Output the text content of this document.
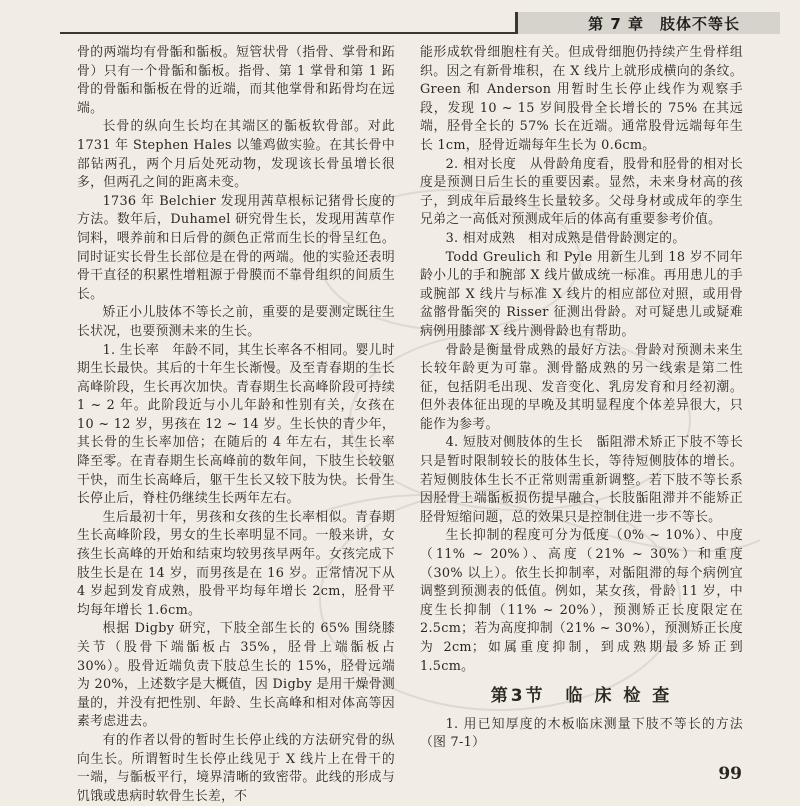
第 7 章　肢体不等长

骨的两端均有骨骺和骺板。短管状骨（指骨、掌骨和跖骨）只有一个骨骺和骺板。指骨、第 1 掌骨和第 1 跖骨的骨骺和骺板在骨的近端，而其他掌骨和跖骨均在远端。

长骨的纵向生长均在其端区的骺板软骨部。对此 1731 年 Stephen Hales 以雏鸡做实验。在其长骨中部钻两孔，两个月后处死动物，发现该长骨虽增长很多，但两孔之间的距离未变。

1736 年 Belchier 发现用茜草根标记猪骨长度的方法。数年后，Duhamel 研究骨生长，发现用茜草作饲料，喂养前和日后骨的颜色正常而生长的骨呈红色。同时证实长骨生长部位是在骨的两端。他的实验还表明骨干直径的积累性增粗源于骨膜而不靠骨组织的间质生长。

矫正小儿肢体不等长之前，重要的是要测定既往生长状况，也要预测未来的生长。

1. 生长率　年龄不同，其生长率各不相同。婴儿时期生长最快。其后的十年生长渐慢。及至青春期的生长高峰阶段，生长再次加快。青春期生长高峰阶段可持续 1 ~ 2 年。此阶段近与小儿年龄和性别有关，女孩在 10 ~ 12 岁，男孩在 12 ~ 14 岁。生长快的青少年，其长骨的生长率加倍；在随后的 4 年左右，其生长率降至零。在青春期生长高峰前的数年间，下肢生长较躯干快，而生长高峰后，躯干生长又较下肢为快。长骨生长停止后，脊柱仍继续生长两年左右。

生后最初十年，男孩和女孩的生长率相似。青春期生长高峰阶段，男女的生长率明显不同。一般来讲，女孩生长高峰的开始和结束均较男孩早两年。女孩完成下肢生长是在 14 岁，而男孩是在 16 岁。正常情况下从 4 岁起到发育成熟，股骨平均每年增长 2cm，胫骨平均每年增长 1.6cm。

根据 Digby 研究，下肢全部生长的 65% 围绕膝关节（股骨下端骺板占 35%，胫骨上端骺板占 30%）。股骨近端负责下肢总生长的 15%，胫骨远端为 20%，上述数字是大概值，因 Digby 是用干燥骨测量的，并没有把性别、年龄、生长高峰和相对体高等因素考虑进去。

有的作者以骨的暂时生长停止线的方法研究骨的纵向生长。所谓暂时生长停止线见于 X 线片上在骨干的一端，与骺板平行，境界清晰的致密带。此线的形成与饥饿或患病时软骨生长差，不

能形成软骨细胞柱有关。但成骨细胞仍持续产生骨样组织。因之有新骨堆积，在 X 线片上就形成横向的条纹。Green 和 Anderson 用暂时生长停止线作为观察手段，发现 10 ~ 15 岁间股骨全长增长的 75% 在其远端，胫骨全长的 57% 长在近端。通常股骨远端每年生长 1cm，胫骨近端每年生长为 0.6cm。

2. 相对长度　从骨龄角度看，股骨和胫骨的相对长度是预测日后生长的重要因素。显然，未来身材高的孩子，到成年后最终生长量较多。父母身材或成年的孪生兄弟之一高低对预测成年后的体高有重要参考价值。

3. 相对成熟　相对成熟是借骨龄测定的。

Todd Greulich 和 Pyle 用新生儿到 18 岁不同年龄小儿的手和腕部 X 线片做成统一标准。再用患儿的手或腕部 X 线片与标准 X 线片的相应部位对照，或用骨盆髂骨骺突的 Risser 征测出骨龄。对可疑患儿或疑难病例用膝部 X 线片测骨龄也有帮助。

骨龄是衡量骨成熟的最好方法。骨龄对预测未来生长较年龄更为可靠。测骨骼成熟的另一线索是第二性征，包括阴毛出现、发音变化、乳房发育和月经初潮。但外表体征出现的早晚及其明显程度个体差异很大，只能作为参考。

4. 短肢对侧肢体的生长　骺阻滞术矫正下肢不等长只是暂时限制较长的肢体生长，等待短侧肢体的增长。若短侧肢体生长不正常则需重新调整。若下肢不等长系因胫骨上端骺板损伤提早融合，长肢骺阻滞并不能矫正胫骨短缩问题，总的效果只是控制住进一步不等长。

生长抑制的程度可分为低度（0% ~ 10%）、中度（11% ~ 20%）、高度（21% ~ 30%）和重度（30% 以上）。依生长抑制率，对骺阻滞的每个病例宜调整到预测表的低值。例如，某女孩，骨龄 11 岁，中度生长抑制（11% ~ 20%），预测矫正长度限定在 2.5cm；若为高度抑制（21% ~ 30%），预测矫正长度为 2cm；如属重度抑制，到成熟期最多矫正到 1.5cm。

第3节　临 床 检 查

1. 用已知厚度的木板临床测量下肢不等长的方法（图 7-1）

99
